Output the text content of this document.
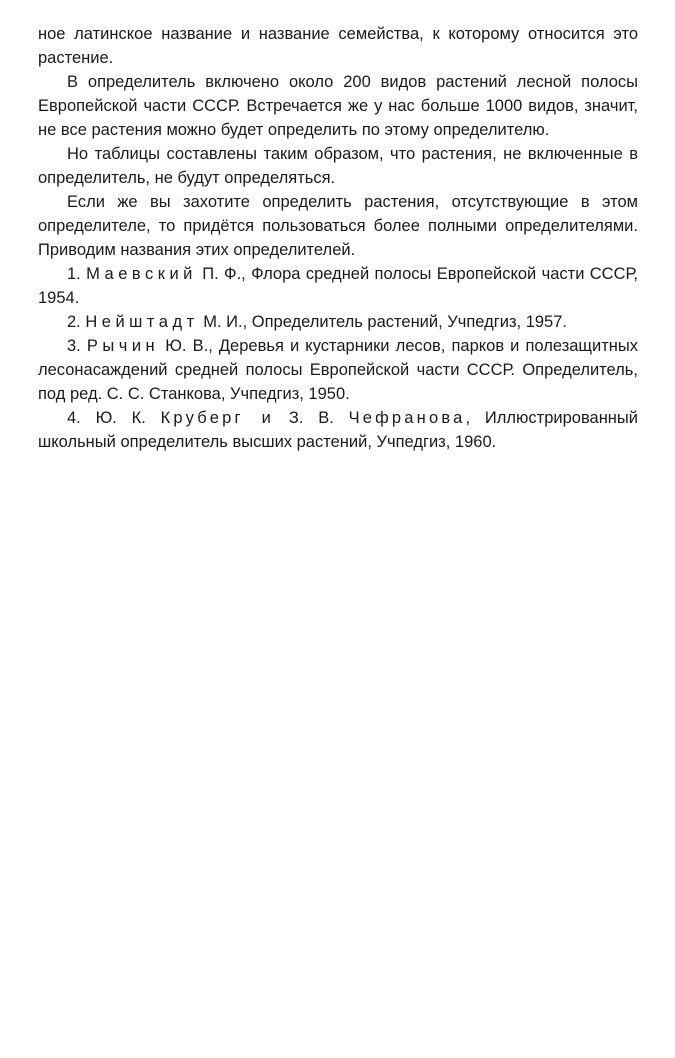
ное латинское название и название семейства, к которому относится это растение.

В определитель включено около 200 видов растений лесной полосы Европейской части СССР. Встречается же у нас больше 1000 видов, значит, не все растения можно будет определить по этому определителю.

Но таблицы составлены таким образом, что растения, не включенные в определитель, не будут определяться.

Если же вы захотите определить растения, отсутствующие в этом определителе, то придётся пользоваться более полными определителями. Приводим названия этих определителей.

1. Маевский П. Ф., Флора средней полосы Европейской части СССР, 1954.

2. Нейштадт М. И., Определитель растений, Учпедгиз, 1957.

3. Рычин Ю. В., Деревья и кустарники лесов, парков и полезащитных лесонасаждений средней полосы Европейской части СССР. Определитель, под ред. С. С. Станкова, Учпедгиз, 1950.

4. Ю. К. Круберг и З. В. Чефранова, Иллюстрированный школьный определитель высших растений, Учпедгиз, 1960.
